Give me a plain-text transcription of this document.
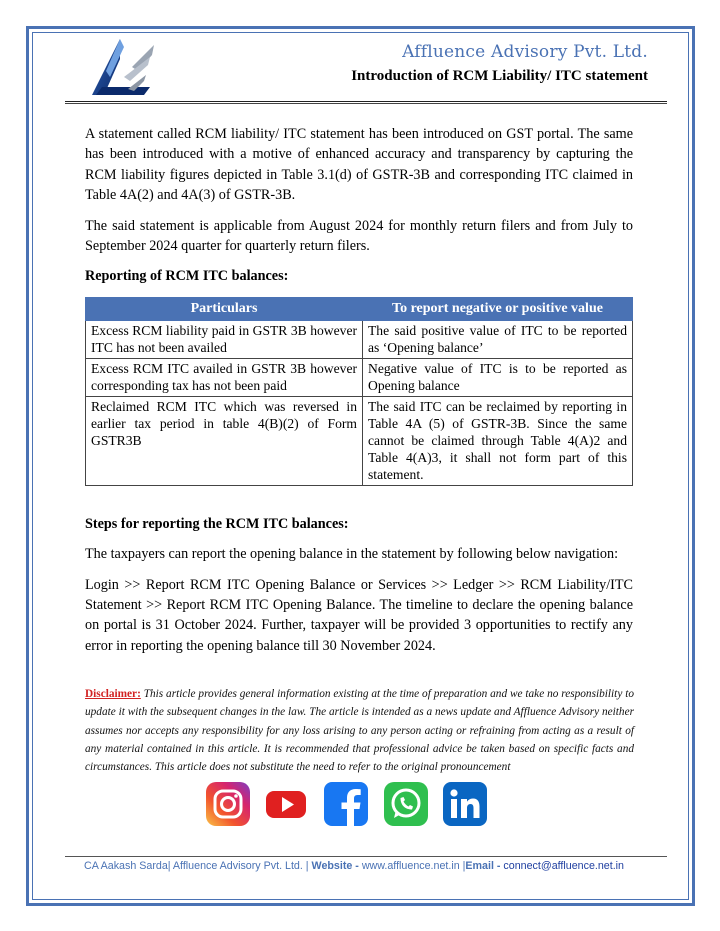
Affluence Advisory Pvt. Ltd.
Introduction of RCM Liability/ ITC statement

A statement called RCM liability/ ITC statement has been introduced on GST portal. The same has been introduced with a motive of enhanced accuracy and transparency by capturing the RCM liability figures depicted in Table 3.1(d) of GSTR-3B and corresponding ITC claimed in Table 4A(2) and 4A(3) of GSTR-3B.

The said statement is applicable from August 2024 for monthly return filers and from July to September 2024 quarter for quarterly return filers.

Reporting of RCM ITC balances:
Particulars	To report negative or positive value
Excess RCM liability paid in GSTR 3B however ITC has not been availed	The said positive value of ITC to be reported as ‘Opening balance’
Excess RCM ITC availed in GSTR 3B however corresponding tax has not been paid	Negative value of ITC is to be reported as Opening balance
Reclaimed RCM ITC which was reversed in earlier tax period in table 4(B)(2) of Form GSTR3B	The said ITC can be reclaimed by reporting in Table 4A (5) of GSTR-3B. Since the same cannot be claimed through Table 4(A)2 and Table 4(A)3, it shall not form part of this statement.
Steps for reporting the RCM ITC balances:

The taxpayers can report the opening balance in the statement by following below navigation:

Login >> Report RCM ITC Opening Balance or Services >> Ledger >> RCM Liability/ITC Statement >> Report RCM ITC Opening Balance. The timeline to declare the opening balance on portal is 31 October 2024. Further, taxpayer will be provided 3 opportunities to rectify any error in reporting the opening balance till 30 November 2024.

Disclaimer: This article provides general information existing at the time of preparation and we take no responsibility to update it with the subsequent changes in the law. The article is intended as a news update and Affluence Advisory neither assumes nor accepts any responsibility for any loss arising to any person acting or refraining from acting as a result of any material contained in this article. It is recommended that professional advice be taken based on specific facts and circumstances. This article does not substitute the need to refer to the original pronouncement
CA Aakash Sarda| Affluence Advisory Pvt. Ltd. | Website - www.affluence.net.in |Email - connect@affluence.net.in
